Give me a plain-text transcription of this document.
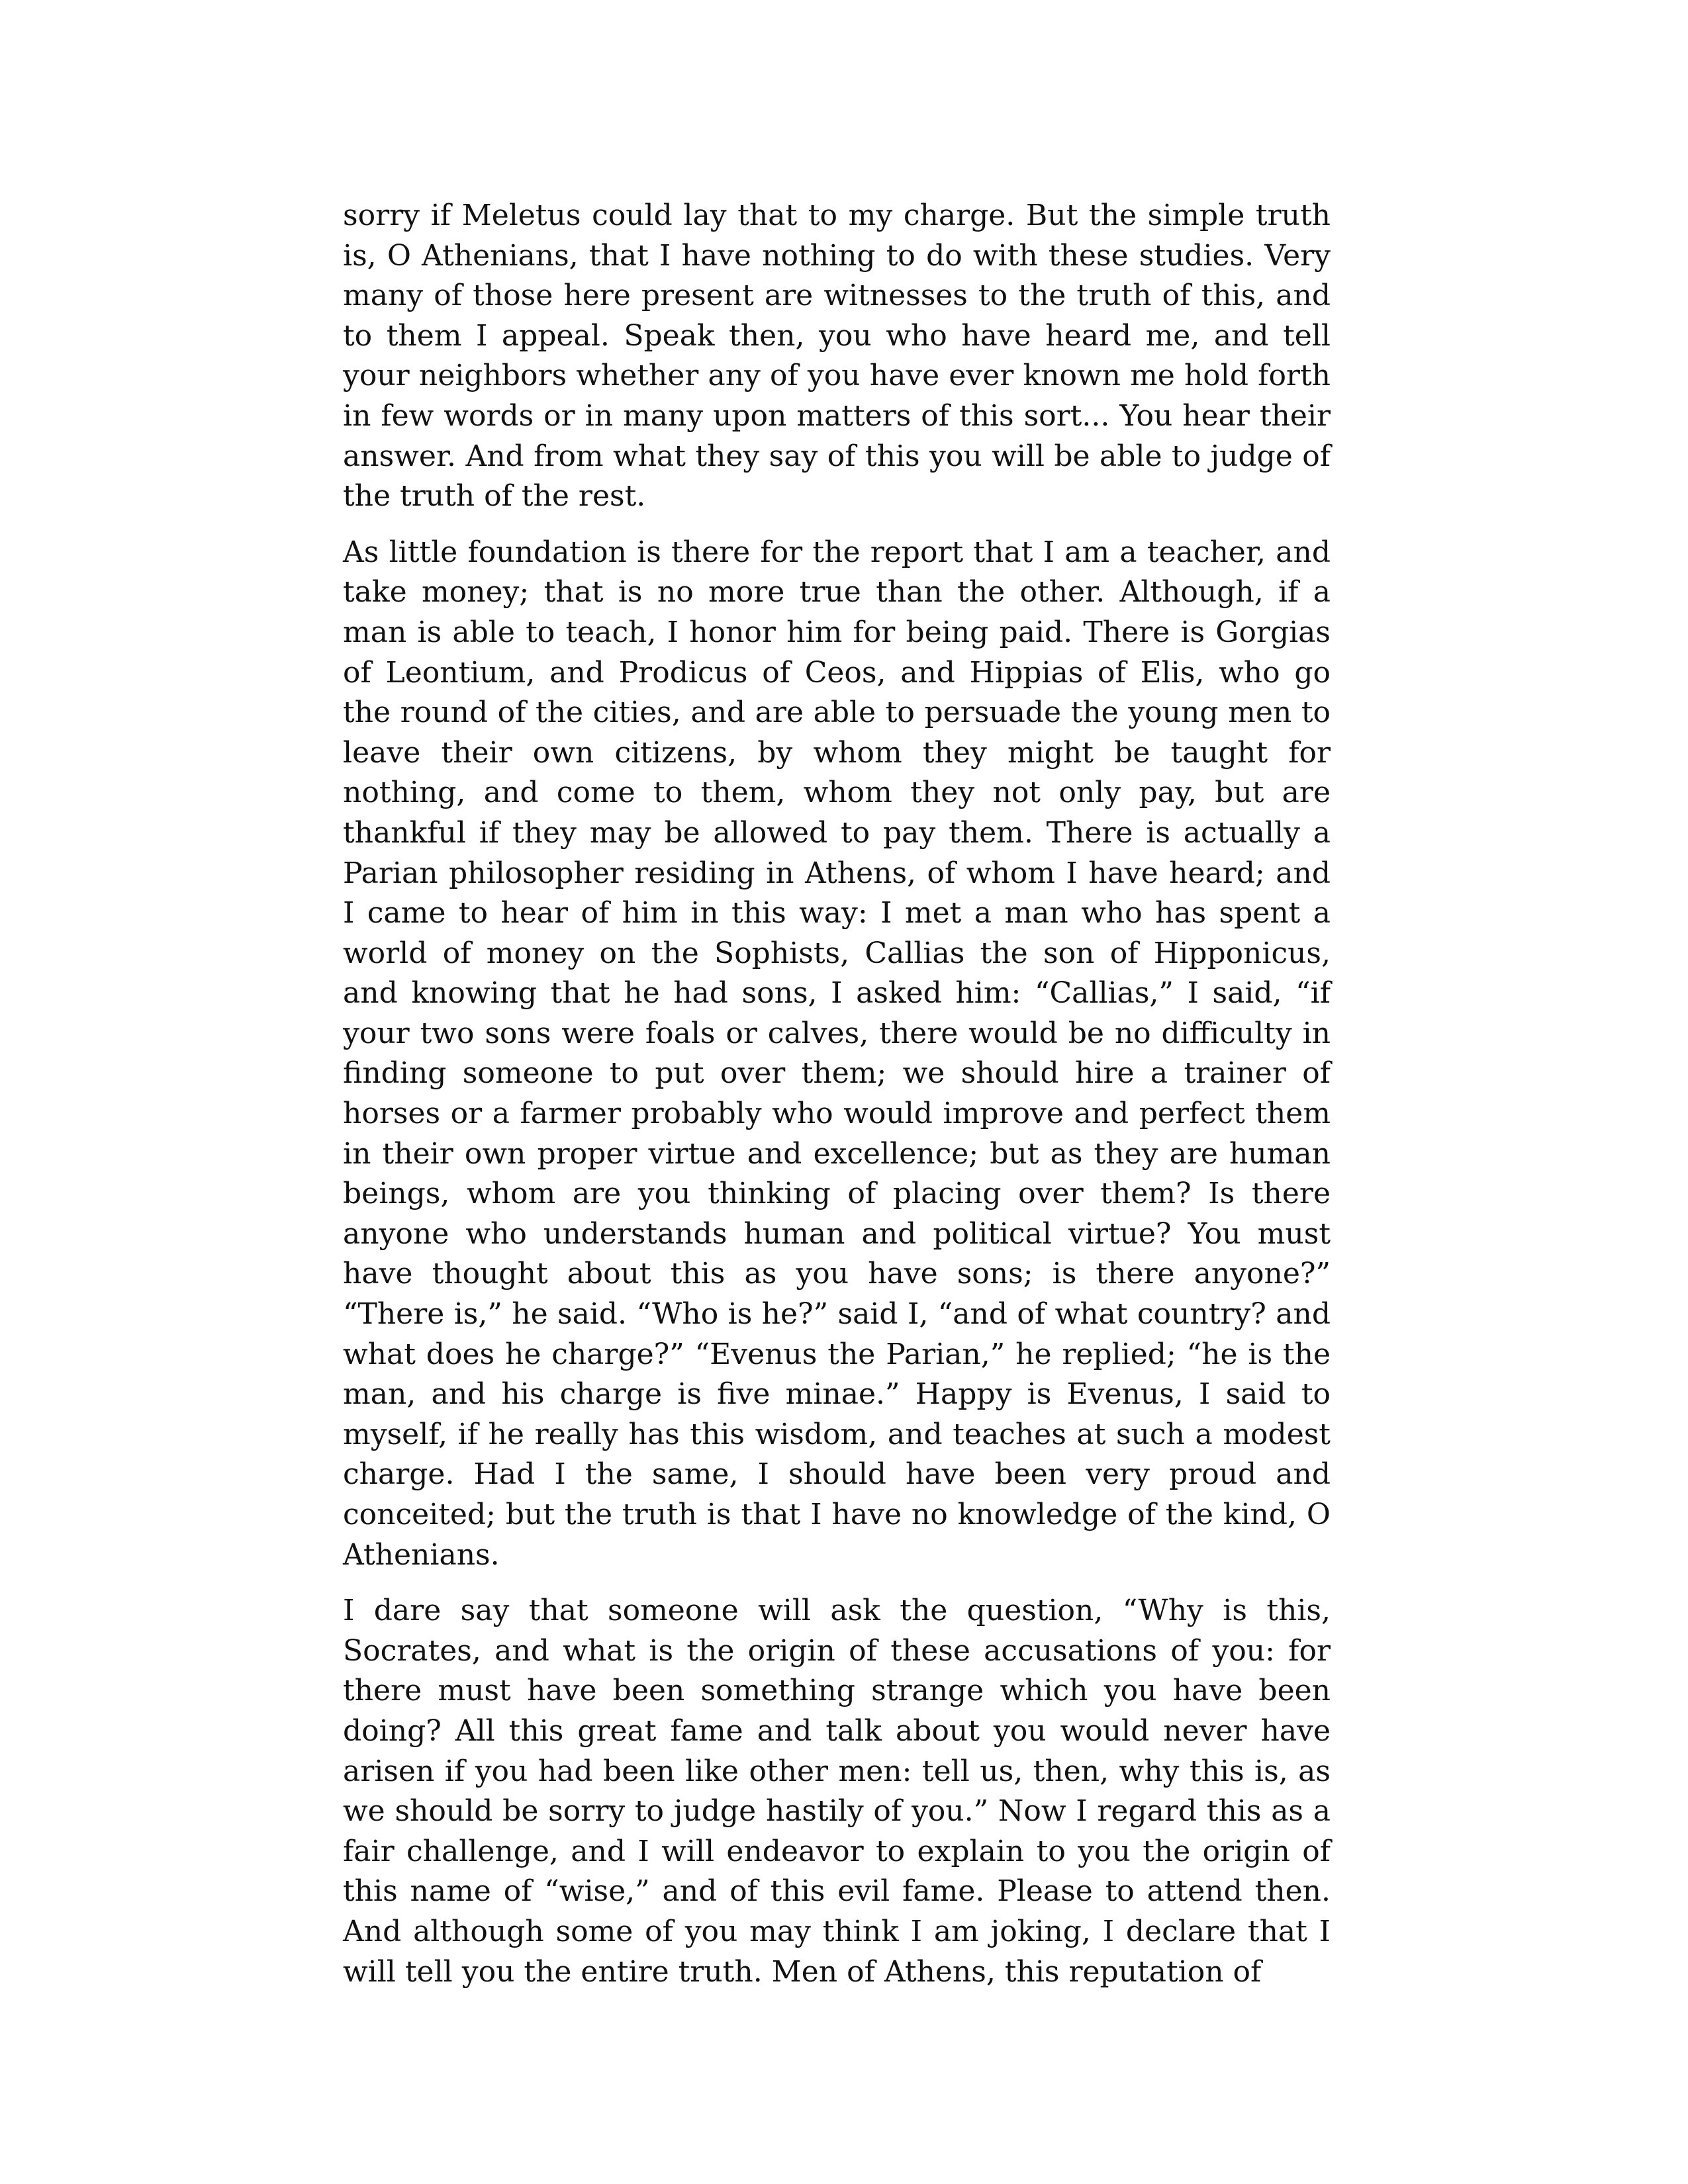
sorry if Meletus could lay that to my charge. But the simple truth is, O Athenians, that I have nothing to do with these studies. Very many of those here present are witnesses to the truth of this, and to them I appeal. Speak then, you who have heard me, and tell your neighbors whether any of you have ever known me hold forth in few words or in many upon matters of this sort... You hear their answer. And from what they say of this you will be able to judge of the truth of the rest.

As little foundation is there for the report that I am a teacher, and take money; that is no more true than the other. Although, if a man is able to teach, I honor him for being paid. There is Gorgias of Leontium, and Prodicus of Ceos, and Hippias of Elis, who go the round of the cities, and are able to persuade the young men to leave their own citizens, by whom they might be taught for nothing, and come to them, whom they not only pay, but are thankful if they may be allowed to pay them. There is actually a Parian philosopher residing in Athens, of whom I have heard; and I came to hear of him in this way: I met a man who has spent a world of money on the Sophists, Callias the son of Hipponicus, and knowing that he had sons, I asked him: “Callias,” I said, “if your two sons were foals or calves, there would be no difficulty in finding someone to put over them; we should hire a trainer of horses or a farmer probably who would improve and perfect them in their own proper virtue and excellence; but as they are human beings, whom are you thinking of placing over them? Is there anyone who understands human and political virtue? You must have thought about this as you have sons; is there anyone?” “There is,” he said. “Who is he?” said I, “and of what country? and what does he charge?” “Evenus the Parian,” he replied; “he is the man, and his charge is five minae.” Happy is Evenus, I said to myself, if he really has this wisdom, and teaches at such a modest charge. Had I the same, I should have been very proud and conceited; but the truth is that I have no knowledge of the kind, O Athenians.

I dare say that someone will ask the question, “Why is this, Socrates, and what is the origin of these accusations of you: for there must have been something strange which you have been doing? All this great fame and talk about you would never have arisen if you had been like other men: tell us, then, why this is, as we should be sorry to judge hastily of you.” Now I regard this as a fair challenge, and I will endeavor to explain to you the origin of this name of “wise,” and of this evil fame. Please to attend then. And although some of you may think I am joking, I declare that I will tell you the entire truth. Men of Athens, this reputation of
